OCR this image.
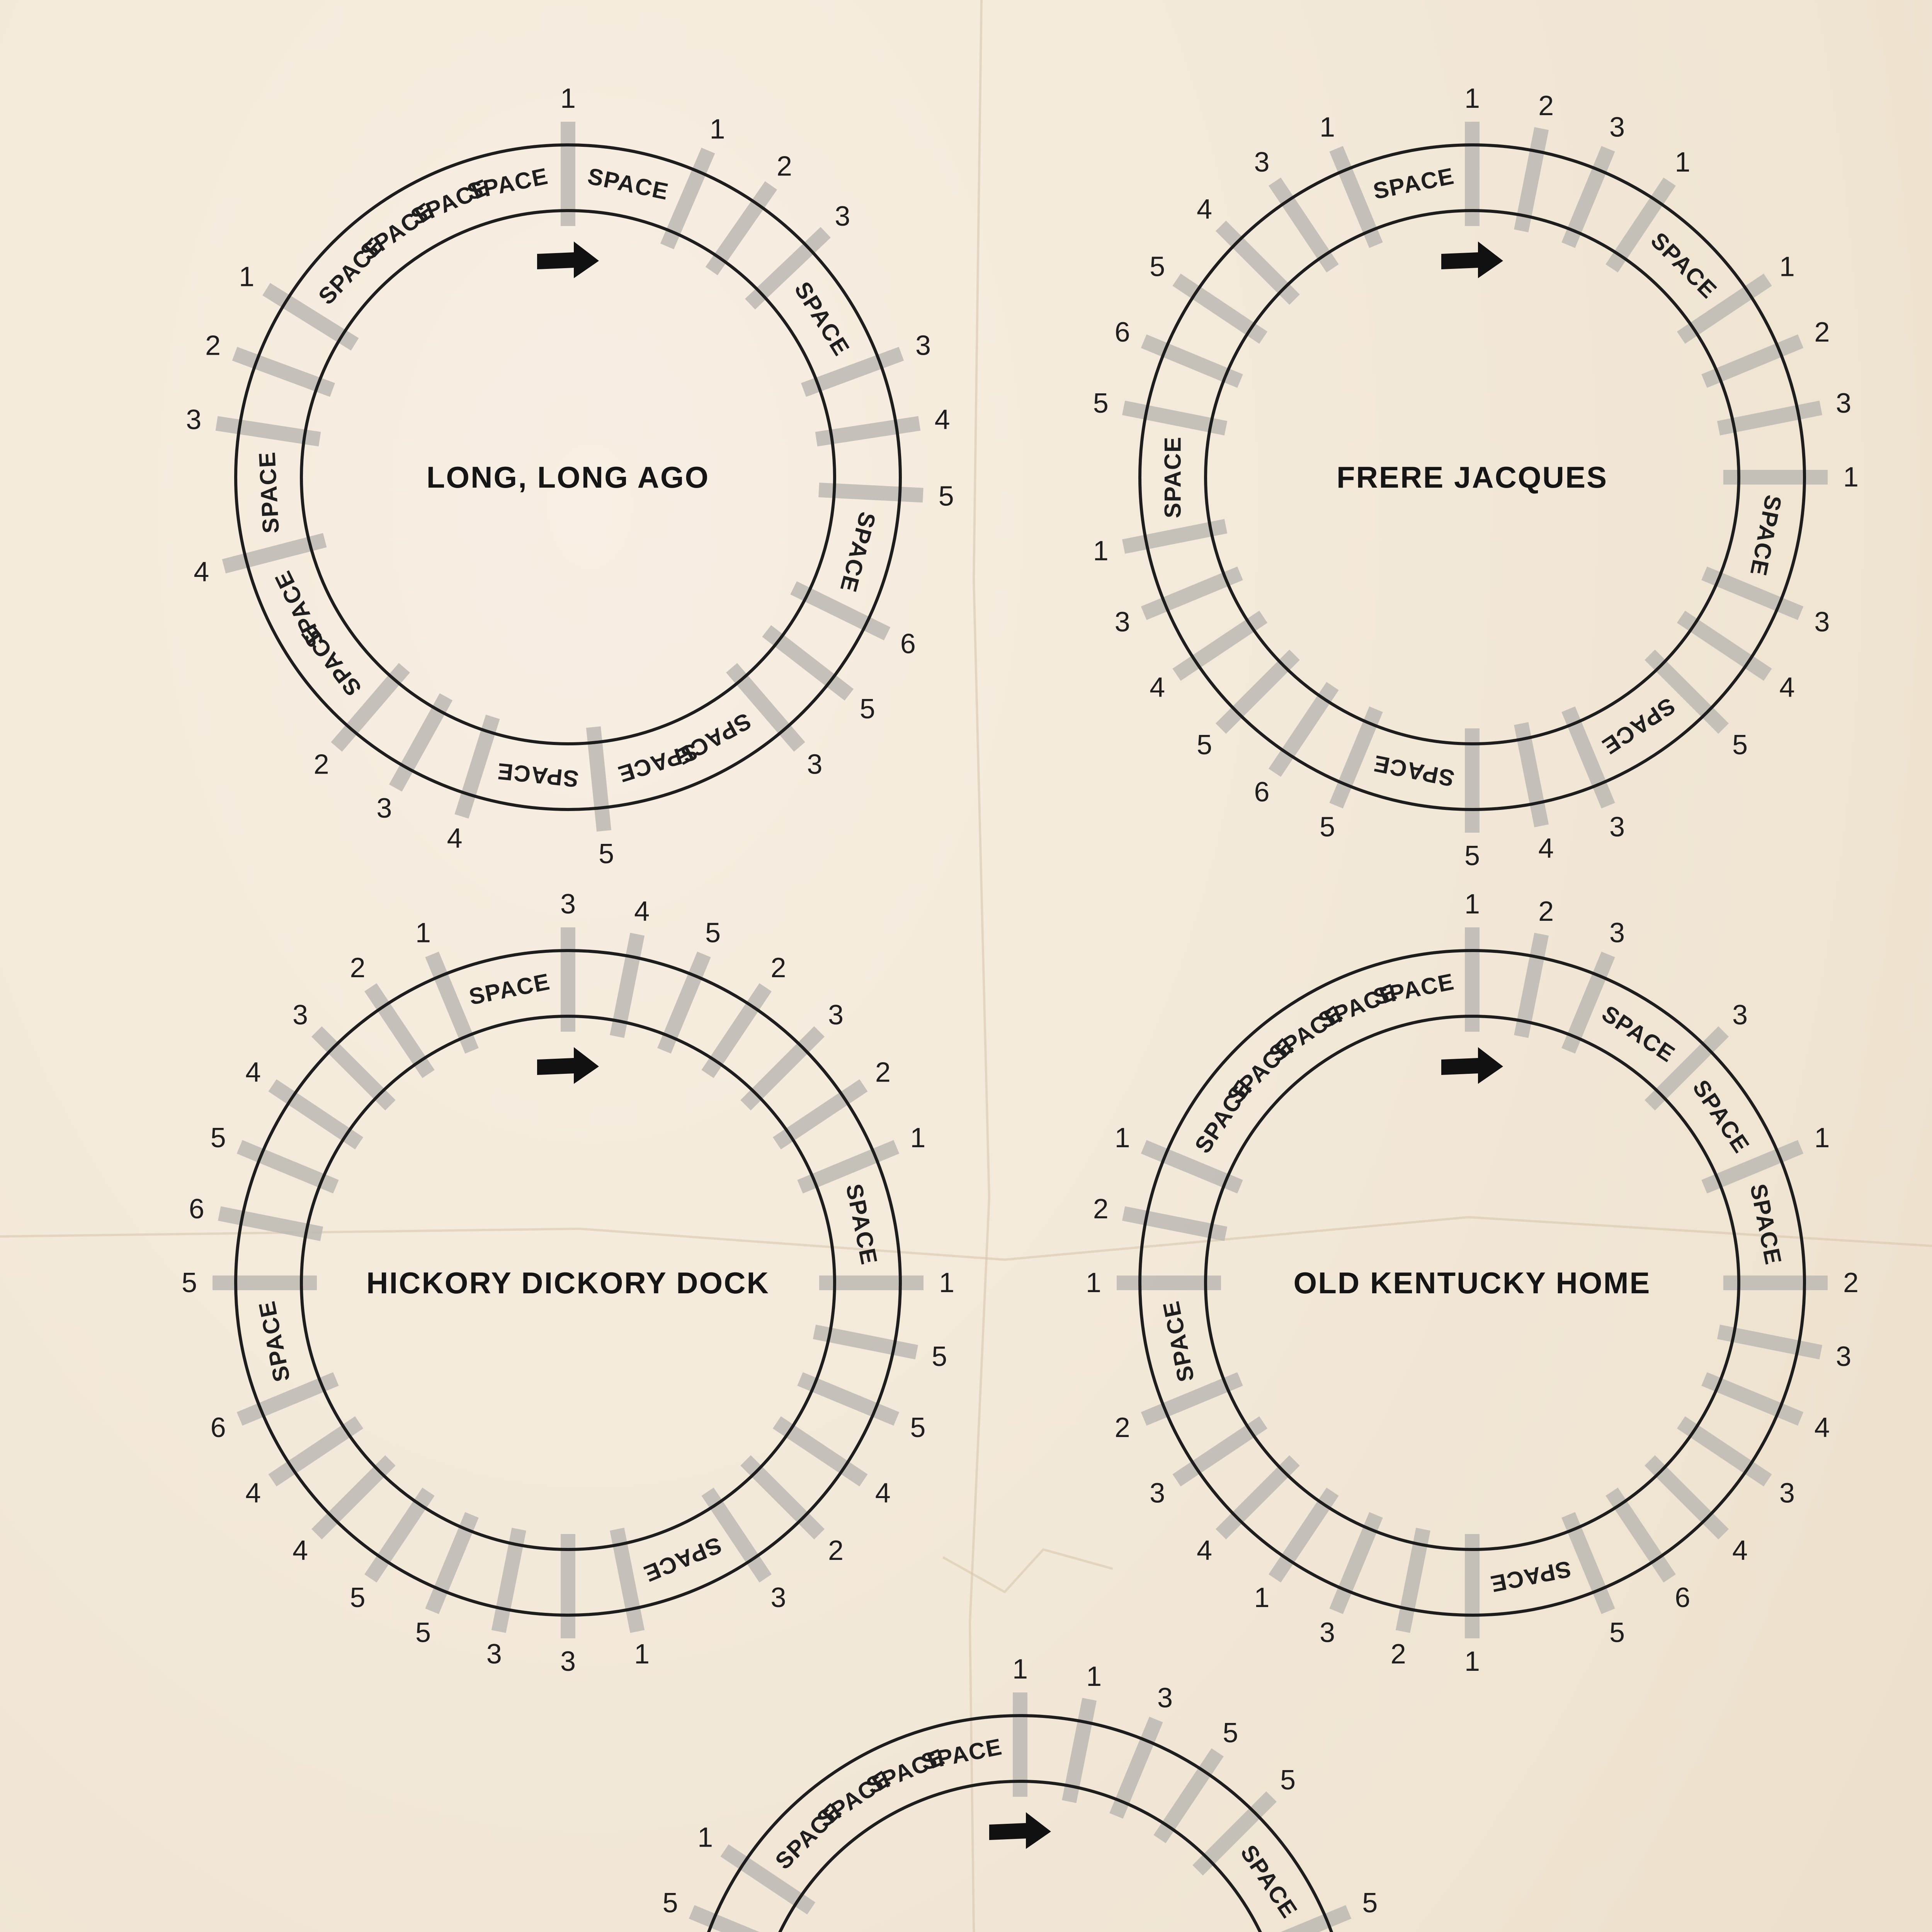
1
SPACE
1
2
3
SPACE 3
4
5
SPACE
6
5
3
SPACE
SPACE
5
SPACE
4
3
2
SPACE
SPACE
4
SPACE
3
2
1	SPACE
SPACE
SPACE
SPACE
LONG, LONG AGO
1 2
3
1
SPACE 1
2
3
1
SPACE
3
4
5
SPACE
3
4
5
SPACE
5
6
5
4
3
1
SPACE
5
6
5
4
3
1
SPACE
FRERE JACQUES
3 4
5
2
3
2
1
SPACE
1
5
5
4
2
3
SPACE
1
3
3
5
5
4
4
6
SPACE
5
6
5
4
3
2
1
SPACE
HICKORY DICKORY DOCK
1 2
3
SPACE 3
SPACE 1
SPACE
2
3
4
3
4
6
5
SPACE
1
2
3
1
4
3
2
SPACE
1
2
1	SPACE
SPACE
SPACE
SPACE
SPACE
OLD KENTUCKY HOME
1 1
3
5
5
SPACE 5
5
1 SPACE
SPACE
SPACE
SPACE
